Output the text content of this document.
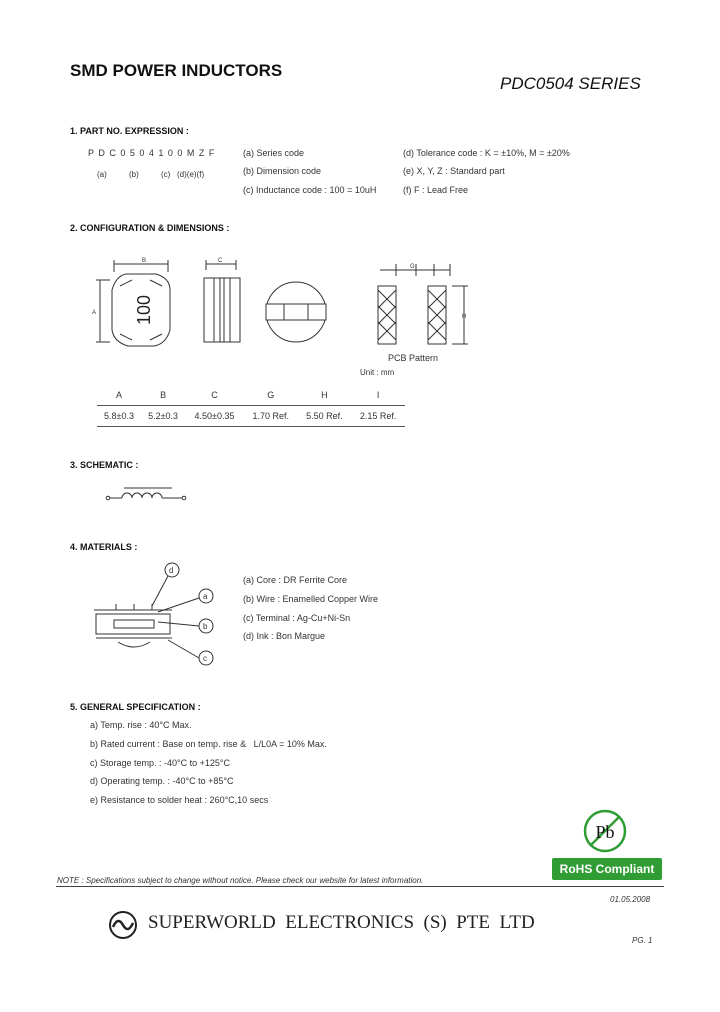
SMD POWER INDUCTORS
PDC0504 SERIES
1. PART NO. EXPRESSION :
P D C 0 5 0 4 1 0 0 M Z F
(a)          (b)          (c)   (d)(e)(f)
(a) Series code
(b) Dimension code
(c) Inductance code : 100 = 10uH
(d) Tolerance code : K = ±10%, M = ±20%
(e) X, Y, Z : Standard part
(f) F : Lead Free
2. CONFIGURATION & DIMENSIONS :
100
B
A
C
G
H
PCB Pattern
Unit : mm
A	B	C	G	H	I
5.8±0.3	5.2±0.3	4.50±0.35	1.70 Ref.	5.50 Ref.	2.15 Ref.
3. SCHEMATIC :
4. MATERIALS :
d
a
b
c
(a) Core : DR Ferrite Core
(b) Wire : Enamelled Copper Wire
(c) Terminal : Ag-Cu+Ni-Sn
(d) Ink : Bon Margue
5. GENERAL SPECIFICATION :
a) Temp. rise : 40°C Max.
b) Rated current : Base on temp. rise &   L/L0A = 10% Max.
c) Storage temp. : -40°C to +125°C
d) Operating temp. : -40°C to +85°C
e) Resistance to solder heat : 260°C,10 secs
Pb
RoHS Compliant
NOTE : Specifications subject to change without notice. Please check our website for latest information.
01.05.2008
SUPERWORLD  ELECTRONICS  (S)  PTE  LTD
PG. 1
